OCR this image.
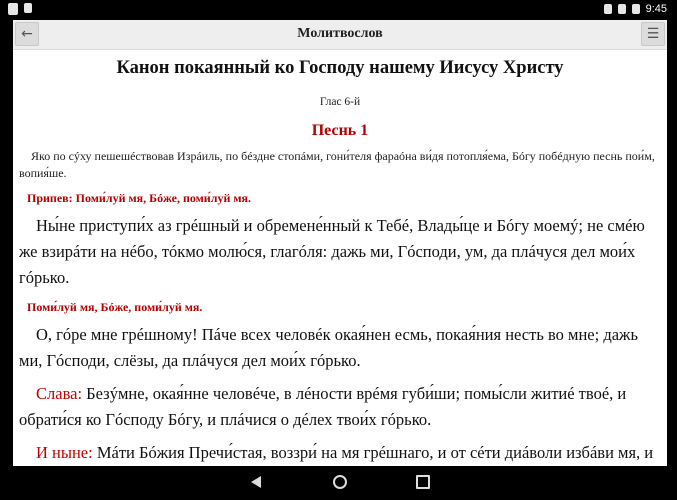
9:45
←	Молитвослов	☰
Канон покаянный ко Господу нашему Иисусу Христу
Глас 6-й
Песнь 1
Яко по сýху пешешéствовав Изрáиль, по бéздне стопáми, гони́теля фараóна ви́дя потопля́ема, Бóгу побéдную песнь пои́м, вопия́ше.
Припев: Поми́луй мя, Бóже, поми́луй мя.
Ны́не приступи́х аз грéшный и обремене́нный к Тебé, Влады́це и Бóгу моемý; не смéю же взирáти на нéбо, тóкмо молю́ся, глагóля: дажь ми, Гóсподи, ум, да плáчуся дел мои́х гóрько.
Поми́луй мя, Бóже, поми́луй мя.
О, гóре мне грéшному! Пáче всех человéк окая́нен есмь, покая́ния несть во мне; дажь ми, Гóсподи, слёзы, да плáчуся дел мои́х гóрько.
Слава: Безýмне, окая́нне человéче, в лéности врéмя губи́ши; помы́сли житиé твоé, и обрати́ся ко Гóсподу Бóгу, и плáчися о дéлех твои́х гóрько.
И ныне: Мáти Бóжия Пречи́стая, воззри́ на мя грéшнаго, и от сéти диáволи избáви мя, и
